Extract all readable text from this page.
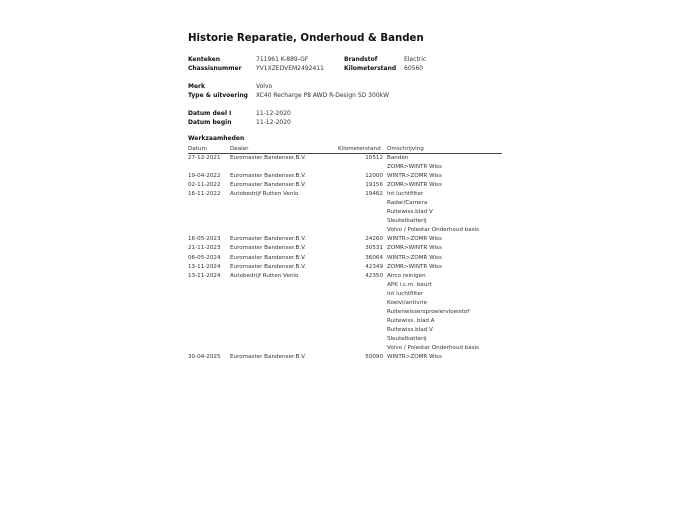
Historie Reparatie, Onderhoud & Banden
Kenteken	711961 K-889-GF	Brandstof	Electric
Chassisnummer YV1XZEDVEM2492411	Kilometerstand 60560
Merk	Volvo
Type & uitvoering XC40 Recharge P8 AWD R-Design 5D 300kW
Datum deel I	11-12-2020
Datum begin	11-12-2020
Werkzaamheden
Datum	Dealer	Kilometerstand	Omschrijving
27-12-2021	Euromaster Bandenser.B.V.	10512	Banden
			ZOMR>WINTR Wiss
19-04-2022	Euromaster Bandenser.B.V.	12000	WINTR>ZOMR Wiss
02-11-2022	Euromaster Bandenser.B.V.	19156	ZOMR>WINTR Wiss
16-11-2022	Autobedrijf Rutten Venlo	19462	Int luchtfilter
			Radar/Camera
			Ruitewiss.blad V
			Sleutelbatterij
			Volvo / Polestar Onderhoud basis
16-05-2023	Euromaster Bandenser.B.V.	24260	WINTR>ZOMR Wiss
21-11-2023	Euromaster Bandenser.B.V.	30531	ZOMR>WINTR Wiss
06-05-2024	Euromaster Bandenser.B.V.	36064	WINTR>ZOMR Wiss
13-11-2024	Euromaster Bandenser.B.V.	42349	ZOMR>WINTR Wiss
13-11-2024	Autobedrijf Rutten Venlo	42350	Airco reinigen
			APK i.c.m. beurt
			Int luchtfilter
			Koelvl/antivrie
			Ruitenwissersproeiervloeistof
			Ruitewiss. blad A
			Ruitewiss.blad V
			Sleutelbatterij
			Volvo / Polestar Onderhoud basis
30-04-2025	Euromaster Bandenser.B.V.	50090	WINTR>ZOMR Wiss
